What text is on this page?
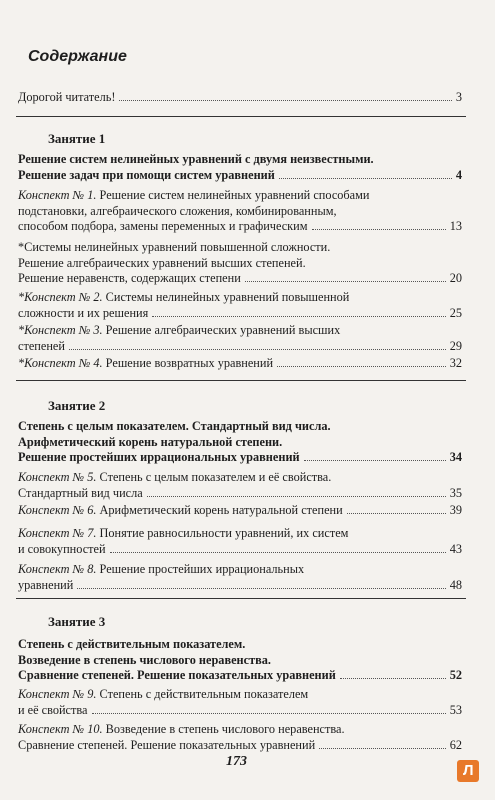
Содержание
Дорогой читатель!	3
Занятие 1
Решение систем нелинейных уравнений с двумя неизвестными.
Решение задач при помощи систем уравнений	4
Конспект № 1. Решение систем нелинейных уравнений способами
подстановки, алгебраического сложения, комбинированным,
способом подбора, замены переменных и графическим	13
*Системы нелинейных уравнений повышенной сложности.
Решение алгебраических уравнений высших степеней.
Решение неравенств, содержащих степени	20
*Конспект № 2. Системы нелинейных уравнений повышенной
сложности и их решения	25
*Конспект № 3. Решение алгебраических уравнений высших
степеней	29
*Конспект № 4. Решение возвратных уравнений	32
Занятие 2
Степень с целым показателем. Стандартный вид числа.
Арифметический корень натуральной степени.
Решение простейших иррациональных уравнений	34
Конспект № 5. Степень с целым показателем и её свойства.
Стандартный вид числа	35
Конспект № 6. Арифметический корень натуральной степени	39
Конспект № 7. Понятие равносильности уравнений, их систем
и совокупностей	43
Конспект № 8. Решение простейших иррациональных
уравнений	48
Занятие 3
Степень с действительным показателем.
Возведение в степень числового неравенства.
Сравнение степеней. Решение показательных уравнений	52
Конспект № 9. Степень с действительным показателем
и её свойства	53
Конспект № 10. Возведение в степень числового неравенства.
Сравнение степеней. Решение показательных уравнений	62
173
Л
